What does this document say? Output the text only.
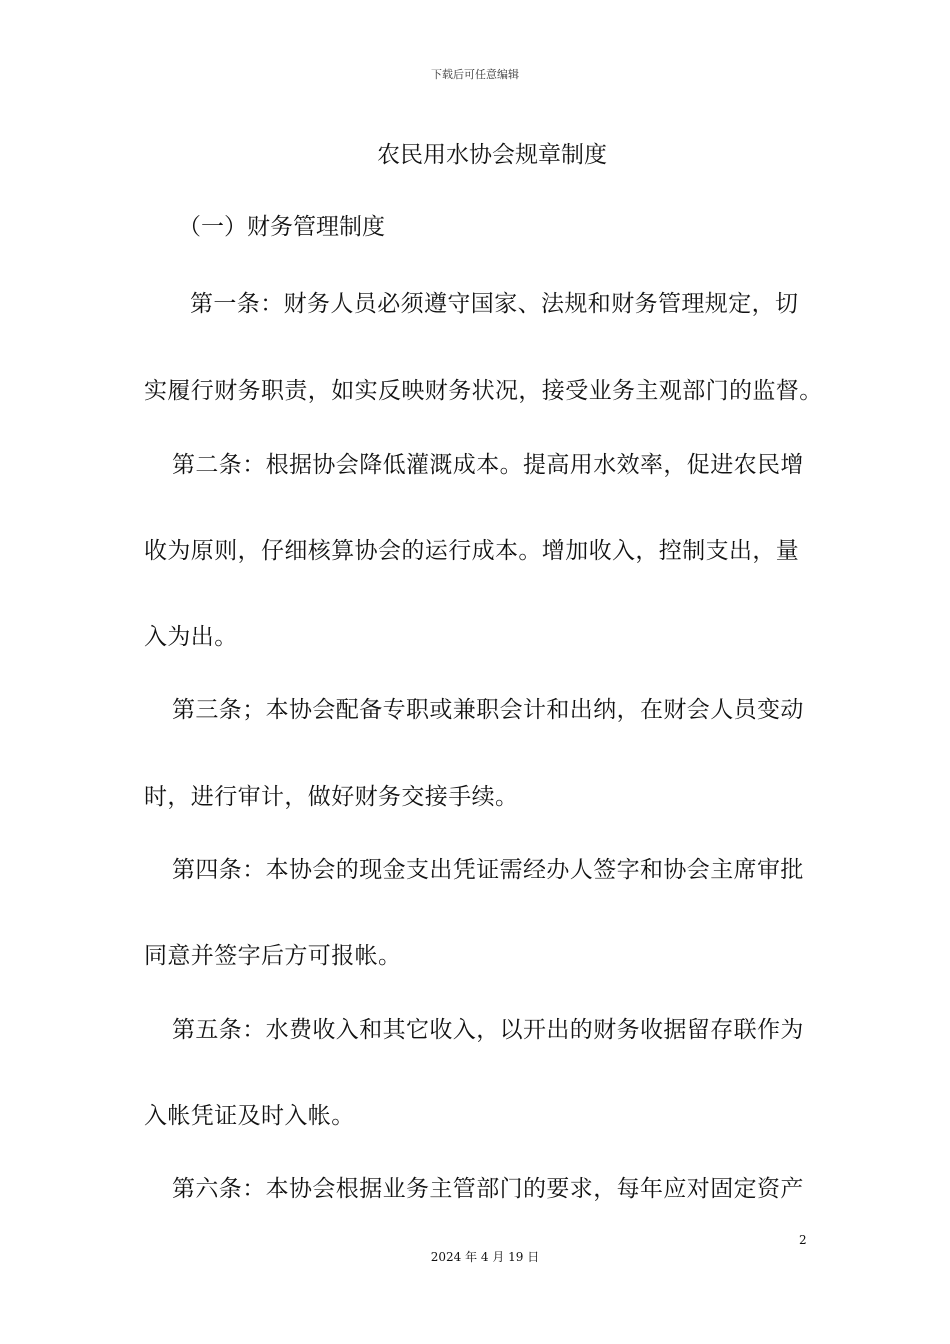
下载后可任意编辑
农民用水协会规章制度
（一）财务管理制度
第一条：财务人员必须遵守国家、法规和财务管理规定，切
实履行财务职责，如实反映财务状况，接受业务主观部门的监督。
第二条：根据协会降低灌溉成本。提高用水效率，促进农民增
收为原则，仔细核算协会的运行成本。增加收入，控制支出，量
入为出。
第三条；本协会配备专职或兼职会计和出纳，在财会人员变动
时，进行审计，做好财务交接手续。
第四条：本协会的现金支出凭证需经办人签字和协会主席审批
同意并签字后方可报帐。
第五条：水费收入和其它收入，以开出的财务收据留存联作为
入帐凭证及时入帐。
第六条：本协会根据业务主管部门的要求，每年应对固定资产
2
2024 年 4 月 19 日
